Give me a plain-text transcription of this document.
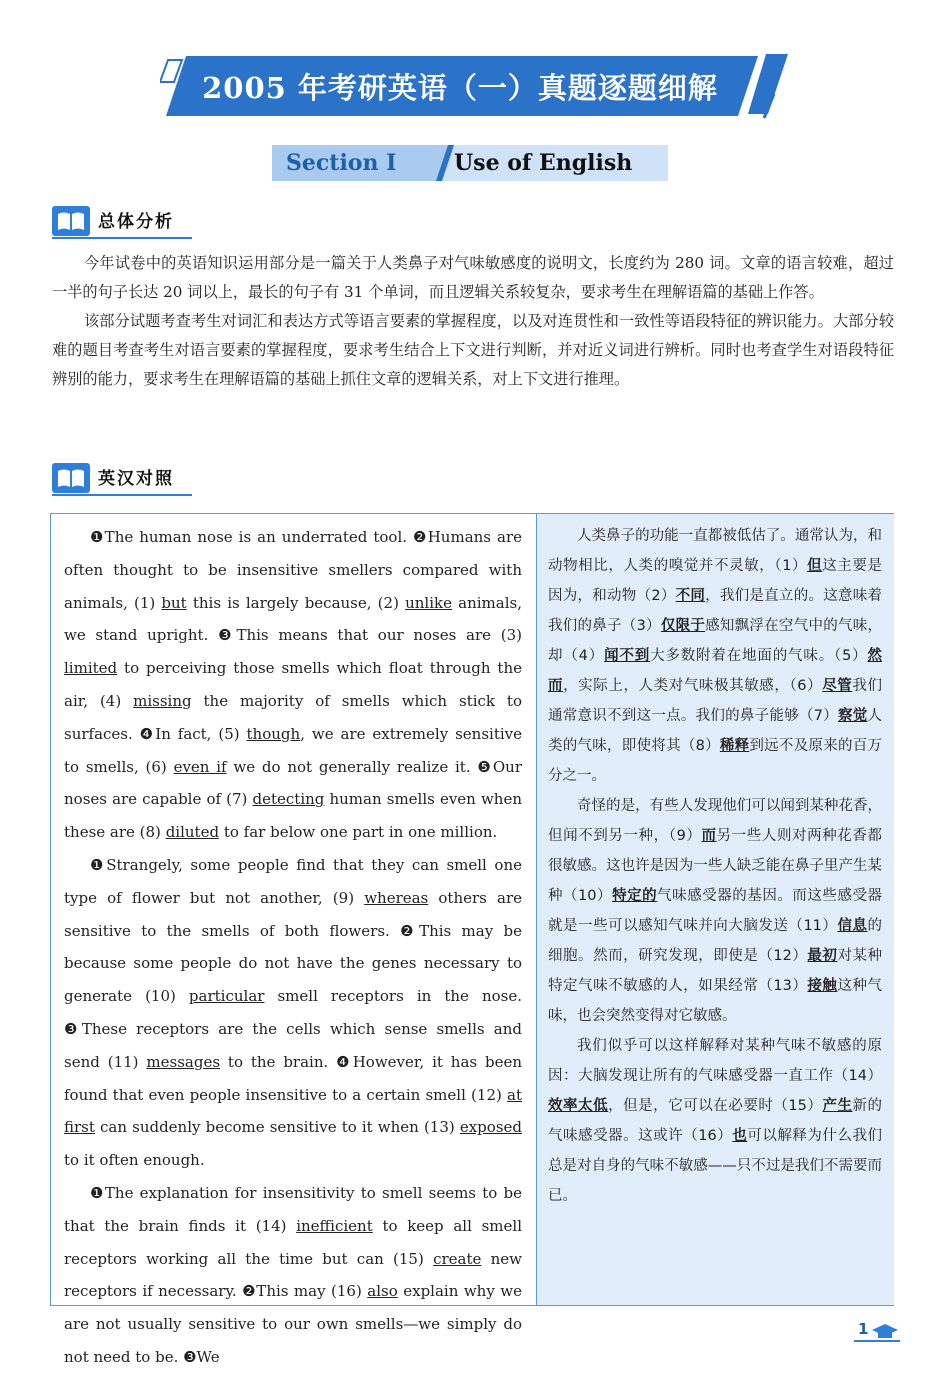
2005 年考研英语（一）真题逐题细解
Section Ⅰ	Use of English
总体分析

今年试卷中的英语知识运用部分是一篇关于人类鼻子对气味敏感度的说明文，长度约为 280 词。文章的语言较难，超过一半的句子长达 20 词以上，最长的句子有 31 个单词，而且逻辑关系较复杂，要求考生在理解语篇的基础上作答。

该部分试题考查考生对词汇和表达方式等语言要素的掌握程度，以及对连贯性和一致性等语段特征的辨识能力。大部分较难的题目考查考生对语言要素的掌握程度，要求考生结合上下文进行判断，并对近义词进行辨析。同时也考查学生对语段特征辨别的能力，要求考生在理解语篇的基础上抓住文章的逻辑关系，对上下文进行推理。

英汉对照

❶The human nose is an underrated tool. ❷Humans are often thought to be insensitive smellers compared with animals, (1) but this is largely because, (2) unlike animals, we stand upright. ❸This means that our noses are (3) limited to perceiving those smells which float through the air, (4) missing the majority of smells which stick to surfaces. ❹In fact, (5) though, we are extremely sensitive to smells, (6) even if we do not generally realize it. ❺Our noses are capable of (7) detecting human smells even when these are (8) diluted to far below one part in one million.

❶Strangely, some people find that they can smell one type of flower but not another, (9) whereas others are sensitive to the smells of both flowers. ❷This may be because some people do not have the genes necessary to generate (10) particular smell receptors in the nose. ❸These receptors are the cells which sense smells and send (11) messages to the brain. ❹However, it has been found that even people insensitive to a certain smell (12) at first can suddenly become sensitive to it when (13) exposed to it often enough.

❶The explanation for insensitivity to smell seems to be that the brain finds it (14) inefficient to keep all smell receptors working all the time but can (15) create new receptors if necessary. ❷This may (16) also explain why we are not usually sensitive to our own smells—we simply do not need to be. ❸We

人类鼻子的功能一直都被低估了。通常认为，和动物相比，人类的嗅觉并不灵敏，（1）但这主要是因为，和动物（2）不同，我们是直立的。这意味着我们的鼻子（3）仅限于感知飘浮在空气中的气味，却（4）闻不到大多数附着在地面的气味。（5）然而，实际上，人类对气味极其敏感，（6）尽管我们通常意识不到这一点。我们的鼻子能够（7）察觉人类的气味，即使将其（8）稀释到远不及原来的百万分之一。

奇怪的是，有些人发现他们可以闻到某种花香，但闻不到另一种，（9）而另一些人则对两种花香都很敏感。这也许是因为一些人缺乏能在鼻子里产生某种（10）特定的气味感受器的基因。而这些感受器就是一些可以感知气味并向大脑发送（11）信息的细胞。然而，研究发现，即使是（12）最初对某种特定气味不敏感的人，如果经常（13）接触这种气味，也会突然变得对它敏感。

我们似乎可以这样解释对某种气味不敏感的原因：大脑发现让所有的气味感受器一直工作（14）效率太低，但是，它可以在必要时（15）产生新的气味感受器。这或许（16）也可以解释为什么我们总是对自身的气味不敏感——只不过是我们不需要而已。

1
